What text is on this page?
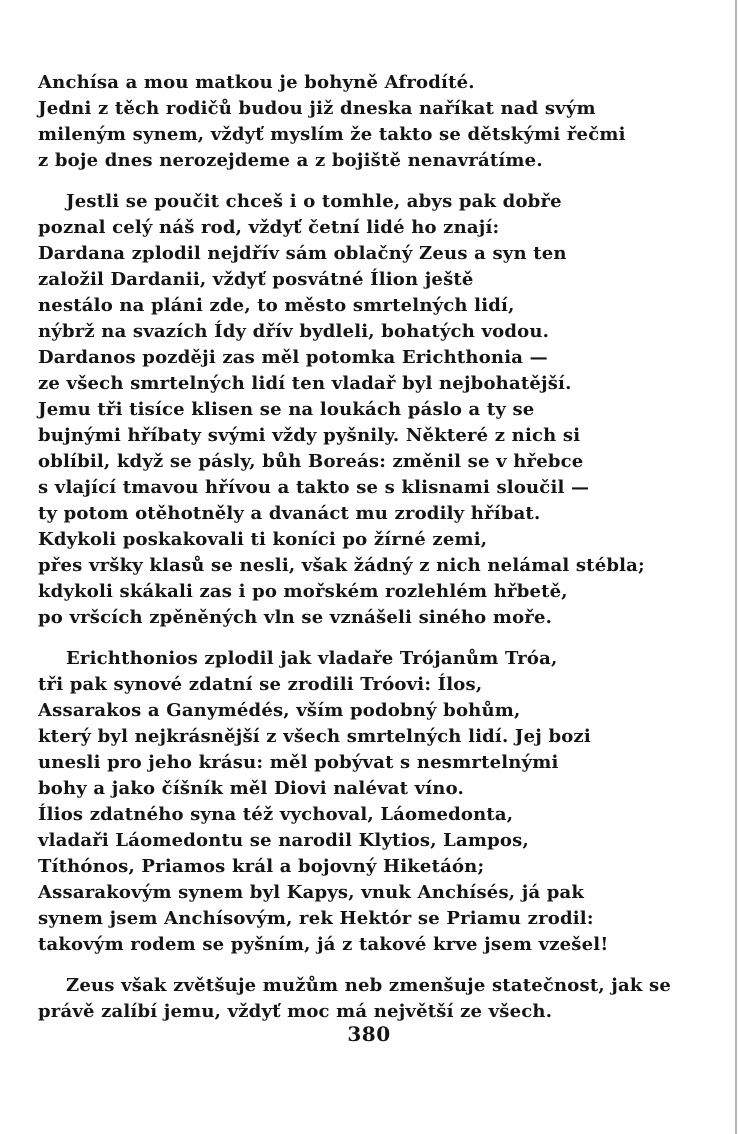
Anchísa a mou matkou je bohyně Afrodíté.
Jedni z těch rodičů budou již dneska naříkat nad svým
mileným synem, vždyť myslím že takto se dětskými řečmi
z boje dnes nerozejdeme a z bojiště nenavrátíme.
Jestli se poučit chceš i o tomhle, abys pak dobře
poznal celý náš rod, vždyť četní lidé ho znají:
Dardana zplodil nejdřív sám oblačný Zeus a syn ten
založil Dardanii, vždyť posvátné Ílion ještě
nestálo na pláni zde, to město smrtelných lidí,
nýbrž na svazích Ídy dřív bydleli, bohatých vodou.
Dardanos později zas měl potomka Erichthonia —
ze všech smrtelných lidí ten vladař byl nejbohatější.
Jemu tři tisíce klisen se na loukách páslo a ty se
bujnými hříbaty svými vždy pyšnily. Některé z nich si
oblíbil, když se pásly, bůh Boreás: změnil se v hřebce
s vlající tmavou hřívou a takto se s klisnami sloučil —
ty potom otěhotněly a dvanáct mu zrodily hříbat.
Kdykoli poskakovali ti koníci po žírné zemi,
přes vršky klasů se nesli, však žádný z nich nelámal stébla;
kdykoli skákali zas i po mořském rozlehlém hřbetě,
po vršcích zpěněných vln se vznášeli siného moře.
Erichthonios zplodil jak vladaře Trójanům Tróa,
tři pak synové zdatní se zrodili Tróovi: Ílos,
Assarakos a Ganymédés, vším podobný bohům,
který byl nejkrásnější z všech smrtelných lidí. Jej bozi
unesli pro jeho krásu: měl pobývat s nesmrtelnými
bohy a jako číšník měl Diovi nalévat víno.
Ílios zdatného syna též vychoval, Láomedonta,
vladaři Láomedontu se narodil Klytios, Lampos,
Títhónos, Priamos král a bojovný Hiketáón;
Assarakovým synem byl Kapys, vnuk Anchísés, já pak
synem jsem Anchísovým, rek Hektór se Priamu zrodil:
takovým rodem se pyšním, já z takové krve jsem vzešel!
Zeus však zvětšuje mužům neb zmenšuje statečnost, jak se
právě zalíbí jemu, vždyť moc má největší ze všech.
380
